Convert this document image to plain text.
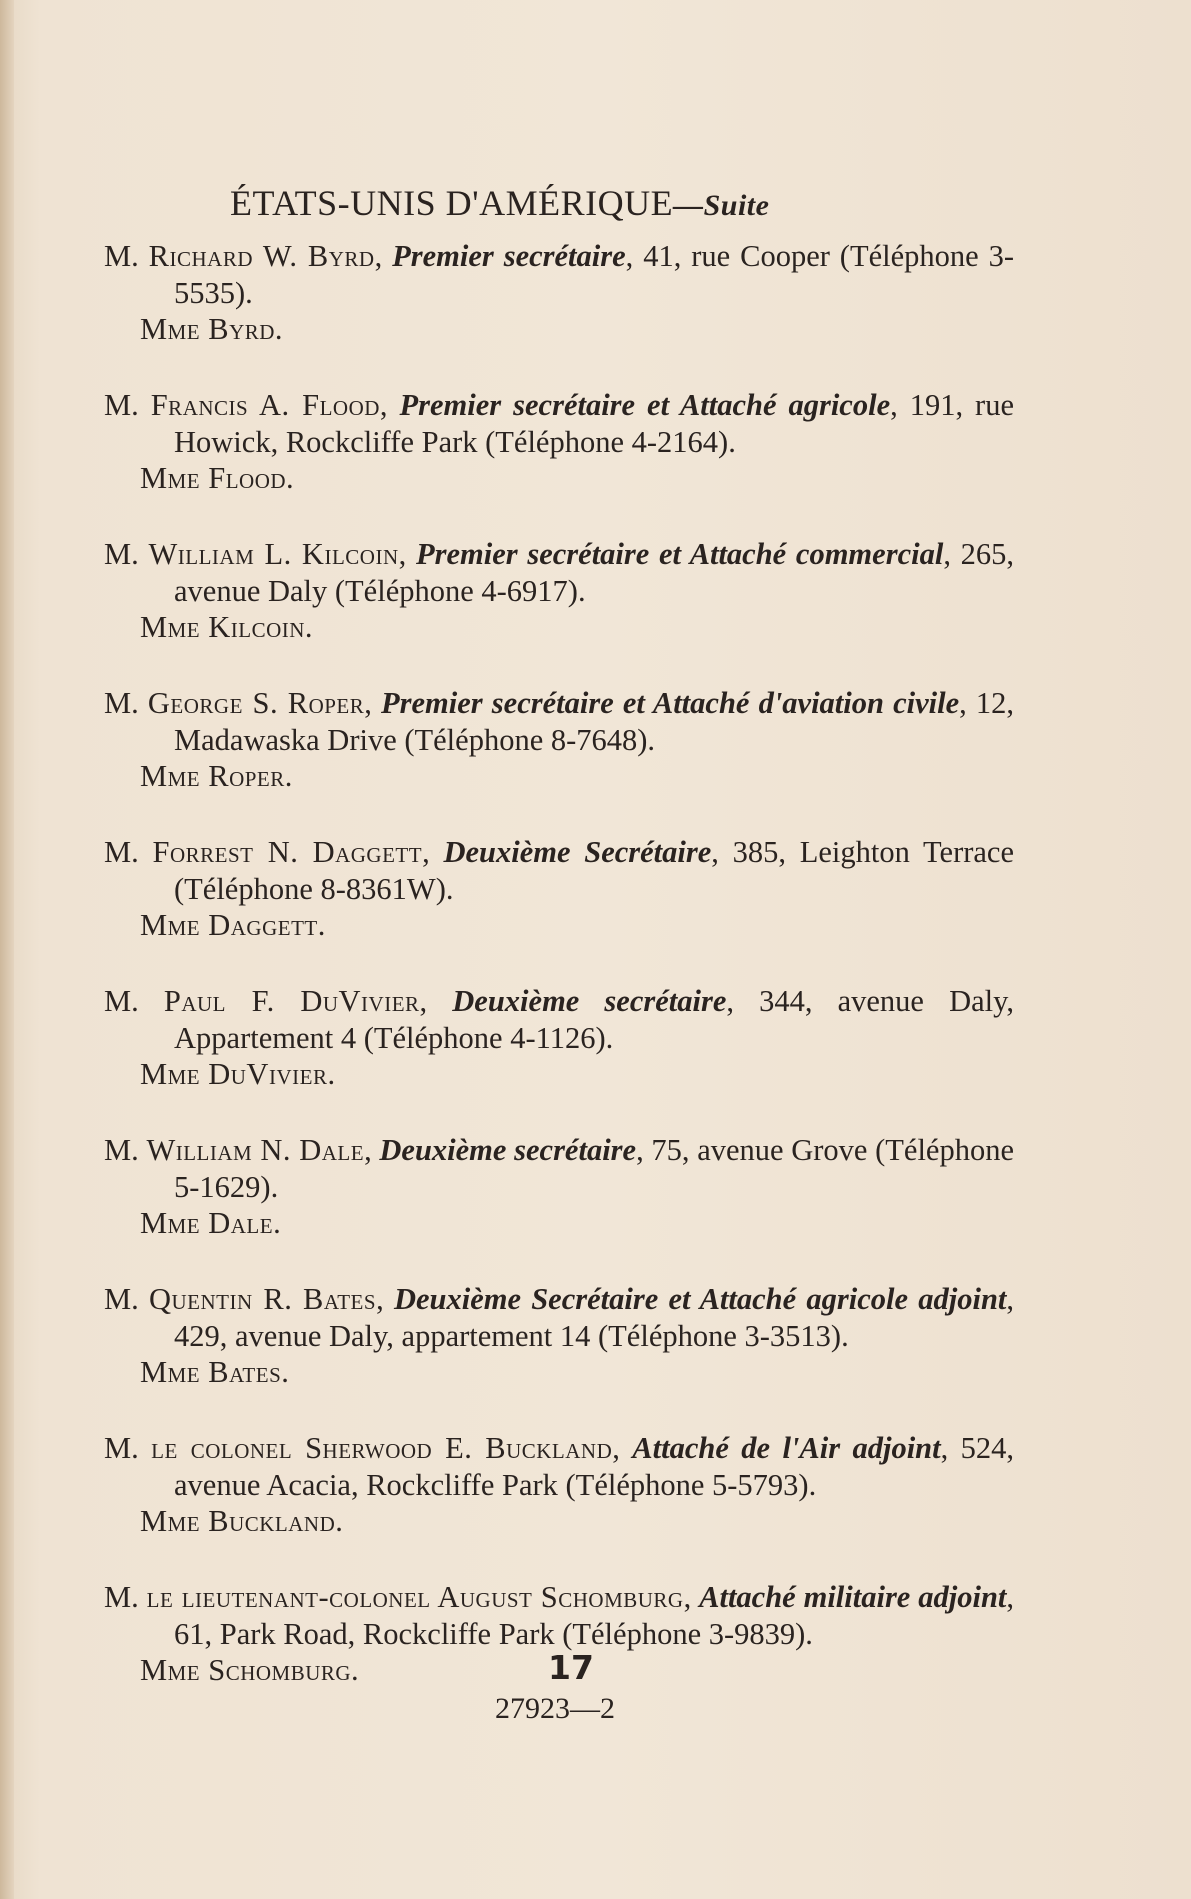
ÉTATS-UNIS D'AMÉRIQUE—Suite
M. Richard W. Byrd, Premier secrétaire, 41, rue Cooper (Téléphone 3-5535).
Mme Byrd.
M. Francis A. Flood, Premier secrétaire et Attaché agricole, 191, rue Howick, Rockcliffe Park (Téléphone 4-2164).
Mme Flood.
M. William L. Kilcoin, Premier secrétaire et Attaché commercial, 265, avenue Daly (Téléphone 4-6917).
Mme Kilcoin.
M. George S. Roper, Premier secrétaire et Attaché d'aviation civile, 12, Madawaska Drive (Téléphone 8-7648).
Mme Roper.
M. Forrest N. Daggett, Deuxième Secrétaire, 385, Leighton Terrace (Téléphone 8-8361W).
Mme Daggett.
M. Paul F. DuVivier, Deuxième secrétaire, 344, avenue Daly, Appartement 4 (Téléphone 4-1126).
Mme DuVivier.
M. William N. Dale, Deuxième secrétaire, 75, avenue Grove (Téléphone 5-1629).
Mme Dale.
M. Quentin R. Bates, Deuxième Secrétaire et Attaché agricole adjoint, 429, avenue Daly, appartement 14 (Téléphone 3-3513).
Mme Bates.
M. le colonel Sherwood E. Buckland, Attaché de l'Air adjoint, 524, avenue Acacia, Rockcliffe Park (Téléphone 5-5793).
Mme Buckland.
M. le lieutenant-colonel August Schomburg, Attaché militaire adjoint, 61, Park Road, Rockcliffe Park (Téléphone 3-9839).
Mme Schomburg.	17
27923—2
